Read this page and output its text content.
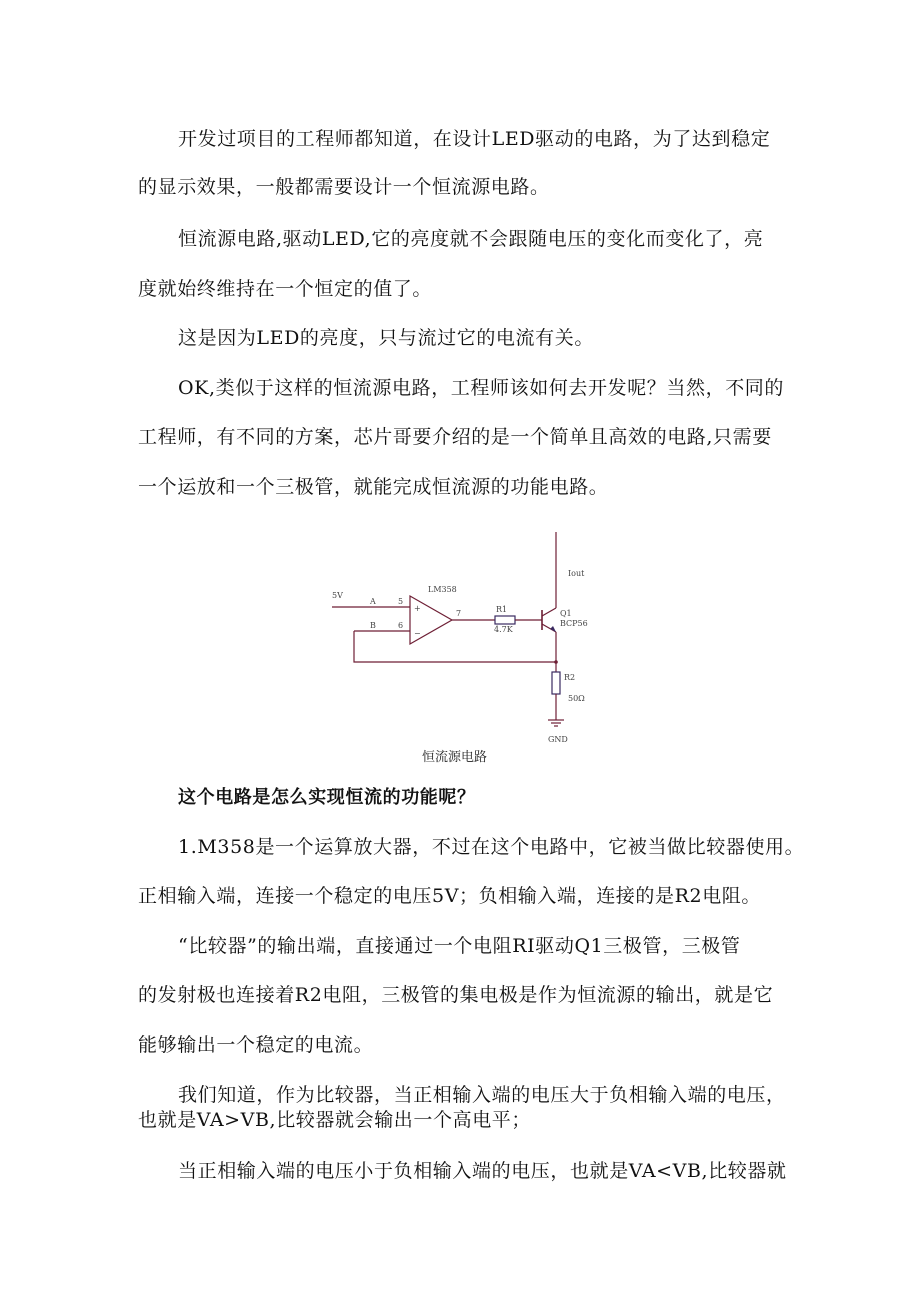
开发过项目的工程师都知道，在设计LED驱动的电路，为了达到稳定
的显示效果，一般都需要设计一个恒流源电路。
恒流源电路,驱动LED,它的亮度就不会跟随电压的变化而变化了，亮
度就始终维持在一个恒定的值了。
这是因为LED的亮度，只与流过它的电流有关。
OK,类似于这样的恒流源电路，工程师该如何去开发呢？当然，不同的
工程师，有不同的方案，芯片哥要介绍的是一个简单且高效的电路,只需要
一个运放和一个三极管，就能完成恒流源的功能电路。
5V
A
B
5
6
+
−
7
LM358
R1
4.7K
Q1
BCP56
Iout
R2
50Ω
GND
恒流源电路
这个电路是怎么实现恒流的功能呢？
1.M358是一个运算放大器，不过在这个电路中，它被当做比较器使用。
正相输入端，连接一个稳定的电压5V；负相输入端，连接的是R2电阻。
“比较器”的输出端，直接通过一个电阻RI驱动Q1三极管，三极管
的发射极也连接着R2电阻，三极管的集电极是作为恒流源的输出，就是它
能够输出一个稳定的电流。
我们知道，作为比较器，当正相输入端的电压大于负相输入端的电压，
也就是VA>VB,比较器就会输出一个高电平；
当正相输入端的电压小于负相输入端的电压，也就是VA<VB,比较器就
